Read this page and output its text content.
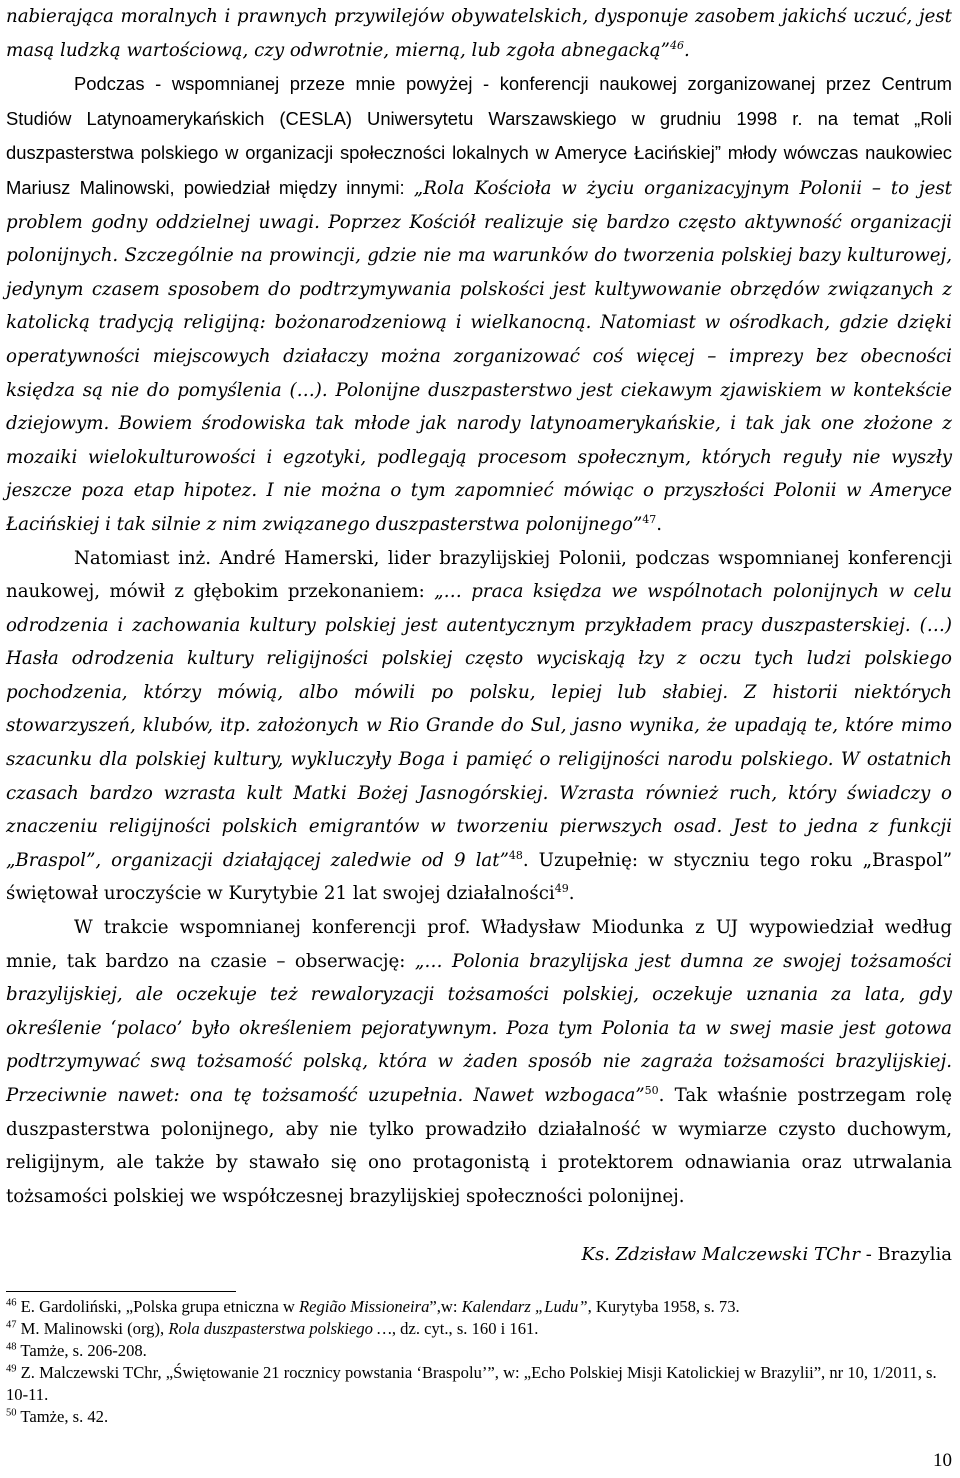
nabierająca moralnych i prawnych przywilejów obywatelskich, dysponuje zasobem jakichś uczuć, jest masą ludzką wartościową, czy odwrotnie, mierną, lub zgoła abnegacką”$^{46}$.

Podczas - wspomnianej przeze mnie powyżej - konferencji naukowej zorganizowanej przez Centrum Studiów Latynoamerykańskich (CESLA) Uniwersytetu Warszawskiego w grudniu 1998 r. na temat „Roli duszpasterstwa polskiego w organizacji społeczności lokalnych w Ameryce Łacińskiej” młody wówczas naukowiec Mariusz Malinowski, powiedział między innymi: „Rola Kościoła w życiu organizacyjnym Polonii – to jest problem godny oddzielnej uwagi. Poprzez Kościół realizuje się bardzo często aktywność organizacji polonijnych. Szczególnie na prowincji, gdzie nie ma warunków do tworzenia polskiej bazy kulturowej, jedynym czasem sposobem do podtrzymywania polskości jest kultywowanie obrzędów związanych z katolicką tradycją religijną: bożonarodzeniową i wielkanocną. Natomiast w ośrodkach, gdzie dzięki operatywności miejscowych działaczy można zorganizować coś więcej – imprezy bez obecności księdza są nie do pomyślenia (…). Polonijne duszpasterstwo jest ciekawym zjawiskiem w kontekście dziejowym. Bowiem środowiska tak młode jak narody latynoamerykańskie, i tak jak one złożone z mozaiki wielokulturowości i egzotyki, podlegają procesom społecznym, których reguły nie wyszły jeszcze poza etap hipotez. I nie można o tym zapomnieć mówiąc o przyszłości Polonii w Ameryce Łacińskiej i tak silnie z nim związanego duszpasterstwa polonijnego”$^{47}$.

Natomiast inż. André Hamerski, lider brazylijskiej Polonii, podczas wspomnianej konferencji naukowej, mówił z głębokim przekonaniem: „… praca księdza we wspólnotach polonijnych w celu odrodzenia i zachowania kultury polskiej jest autentycznym przykładem pracy duszpasterskiej. (…) Hasła odrodzenia kultury religijności polskiej często wyciskają łzy z oczu tych ludzi polskiego pochodzenia, którzy mówią, albo mówili po polsku, lepiej lub słabiej. Z historii niektórych stowarzyszeń, klubów, itp. założonych w Rio Grande do Sul, jasno wynika, że upadają te, które mimo szacunku dla polskiej kultury, wykluczyły Boga i pamięć o religijności narodu polskiego. W ostatnich czasach bardzo wzrasta kult Matki Bożej Jasnogórskiej. Wzrasta również ruch, który świadczy o znaczeniu religijności polskich emigrantów w tworzeniu pierwszych osad. Jest to jedna z funkcji „Braspol”, organizacji działającej zaledwie od 9 lat”$^{48}$. Uzupełnię: w styczniu tego roku „Braspol” świętował uroczyście w Kurytybie 21 lat swojej działalności$^{49}$.

W trakcie wspomnianej konferencji prof. Władysław Miodunka z UJ wypowiedział według mnie, tak bardzo na czasie – obserwację: „… Polonia brazylijska jest dumna ze swojej tożsamości brazylijskiej, ale oczekuje też rewaloryzacji tożsamości polskiej, oczekuje uznania za lata, gdy określenie ‘polaco’ było określeniem pejoratywnym. Poza tym Polonia ta w swej masie jest gotowa podtrzymywać swą tożsamość polską, która w żaden sposób nie zagraża tożsamości brazylijskiej. Przeciwnie nawet: ona tę tożsamość uzupełnia. Nawet wzbogaca”$^{50}$. Tak właśnie postrzegam rolę duszpasterstwa polonijnego, aby nie tylko prowadziło działalność w wymiarze czysto duchowym, religijnym, ale także by stawało się ono protagonistą i protektorem odnawiania oraz utrwalania tożsamości polskiej we współczesnej brazylijskiej społeczności polonijnej.

Ks. Zdzisław Malczewski TChr - Brazylia

$^{46}$ E. Gardoliński, „Polska grupa etniczna w Região Missioneira”,w: Kalendarz „Ludu”, Kurytyba 1958, s. 73.

$^{47}$ M. Malinowski (org), Rola duszpasterstwa polskiego …, dz. cyt., s. 160 i 161.

$^{48}$ Tamże, s. 206-208.

$^{49}$ Z. Malczewski TChr, „Świętowanie 21 rocznicy powstania ‘Braspolu’”, w: „Echo Polskiej Misji Katolickiej w Brazylii”, nr 10, 1/2011, s. 10-11.

$^{50}$ Tamże, s. 42.

10
